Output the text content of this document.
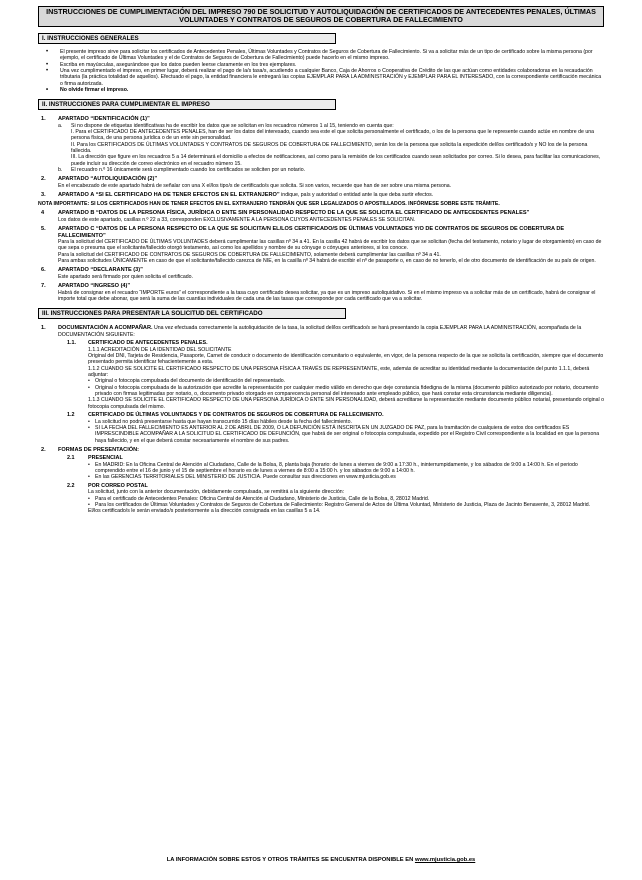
INSTRUCCIONES DE CUMPLIMENTACIÓN DEL IMPRESO 790 DE SOLICITUD Y AUTOLIQUIDACIÓN DE CERTIFICADOS DE ANTECEDENTES PENALES, ÚLTIMAS VOLUNTADES Y CONTRATOS DE SEGUROS DE COBERTURA DE FALLECIMIENTO
I. INSTRUCCIONES GENERALES
• El presente impreso sirve para solicitar los certificados de Antecedentes Penales, Últimas Voluntades y Contratos de Seguros de Cobertura de Fallecimiento. Si va a solicitar más de un tipo de certificado sobre la misma persona (por ejemplo, el certificado de Últimas Voluntades y el de Contratos de Seguros de Cobertura de Fallecimiento) puede hacerlo en el mismo impreso.
• Escriba en mayúsculas, asegurándose que los datos pueden leerse claramente en los tres ejemplares.
• Una vez cumplimentado el impreso, en primer lugar, deberá realizar el pago de la/s tasa/s, acudiendo a cualquier Banco, Caja de Ahorros o Cooperativa de Crédito de las que actúan como entidades colaboradoras en la recaudación tributaria (la práctica totalidad de aquellos). Efectuado el pago, la entidad financiera le entregará las copias EJEMPLAR PARA LA ADMINISTRACIÓN y EJEMPLAR PARA EL INTERESADO, con la correspondiente certificación mecánica o firma autorizada.
• No olvide firmar el impreso.
II. INSTRUCCIONES PARA CUMPLIMENTAR EL IMPRESO
1. APARTADO “IDENTIFICACIÓN (1)”
a. Si no dispone de etiquetas identificativas ha de escribir los datos que se solicitan en los recuadros números 1 al 15, teniendo en cuenta que:
I. Para el CERTIFICADO DE ANTECEDENTES PENALES, han de ser los datos del interesado, cuando sea este el que solicita personalmente el certificado, o los de la persona que le represente cuando actúe en nombre de una persona física, de una persona jurídica o de un ente sin personalidad.
II. Para los CERTIFICADOS DE ÚLTIMAS VOLUNTADES Y CONTRATOS DE SEGUROS DE COBERTURA DE FALLECIMIENTO, serán los de la persona que solicita la expedición del/los certificado/s y NO los de la persona fallecida.
III. La dirección que figure en los recuadros 5 a 14 determinará el domicilio a efectos de notificaciones, así como para la remisión de los certificados cuando sean solicitados por correo. Si lo desea, para facilitar las comunicaciones, puede incluir su dirección de correo electrónico en el recuadro número 15.
b. El recuadro n.º 16 únicamente será cumplimentado cuando los certificados se soliciten por un notario.
2. APARTADO “AUTOLIQUIDACIÓN (2)”
En el encabezado de este apartado habrá de señalar con una X el/los tipo/s de certificado/s que solicita. Si son varios, recuerde que han de ser sobre una misma persona.
3. APARTADO A “SI EL CERTIFICADO HA DE TENER EFECTOS EN EL EXTRANJERO” indique, país y autoridad o entidad ante la que deba surtir efectos.
NOTA IMPORTANTE: SI LOS CERTIFICADOS HAN DE TENER EFECTOS EN EL EXTRANJERO TENDRÁN QUE SER LEGALIZADOS O APOSTILLADOS. INFÓRMESE SOBRE ESTE TRÁMITE.
4 APARTADO B “DATOS DE LA PERSONA FÍSICA, JURÍDICA O ENTE SIN PERSONALIDAD RESPECTO DE LA QUE SE SOLICITA EL CERTIFICADO DE ANTECEDENTES PENALES”
Los datos de este apartado, casillas n.º 22 a 33, corresponden EXCLUSIVAMENTE A LA PERSONA CUYOS ANTECEDENTES PENALES SE SOLICITAN.
5. APARTADO C “DATOS DE LA PERSONA RESPECTO DE LA QUE SE SOLICITA/N EL/LOS CERTIFICADO/S DE ÚLTIMAS VOLUNTADES Y/O DE CONTRATOS DE SEGUROS DE COBERTURA DE FALLECIMIENTO”
Para la solicitud del CERTIFICADO DE ÚLTIMAS VOLUNTADES deberá cumplimentar las casillas nº 34 a 41. En la casilla 42 habrá de escribir los datos que se solicitan (fecha del testamento, notario y lugar de otorgamiento) en caso de que sepa o presuma que el solicitante/fallecido otorgó testamento, así como los apellidos y nombre de su cónyuge o cónyuges anteriores, si los conoce.
Para la solicitud del CERTIFICADO DE CONTRATOS DE SEGUROS DE COBERTURA DE FALLECIMIENTO, solamente deberá cumplimentar las casillas nº 34 a 41.
Para ambas solicitudes ÚNICAMENTE en caso de que el solicitante/fallecido carezca de NIE, en la casilla nº 34 habrá de escribir el nº de pasaporte o, en caso de no tenerlo, el de otro documento de identificación de su país de origen.
6. APARTADO “DECLARANTE (3)”
Este apartado será firmado por quien solicita el certificado.
7. APARTADO “INGRESO (4)”
Habrá de consignar en el recuadro “IMPORTE euros” el correspondiente a la tasa cuyo certificado desea solicitar, ya que es un impreso autoliquidativo. Si en el mismo impreso va a solicitar más de un certificado, habrá de consignar el importe total que debe abonar, que será la suma de las cuantías individuales de cada una de las tasas que corresponde por cada certificado que va a solicitar.
III. INSTRUCCIONES PARA PRESENTAR LA SOLICITUD DEL CERTIFICADO
1. DOCUMENTACIÓN A ACOMPAÑAR. Una vez efectuada correctamente la autoliquidación de la tasa, la solicitud del/los certificado/s se hará presentando la copia EJEMPLAR PARA LA ADMINISTRACIÓN, acompañada de la DOCUMENTACIÓN SIGUIENTE:
1.1. CERTIFICADO DE ANTECEDENTES PENALES.
1.1.1 ACREDITACIÓN DE LA IDENTIDAD DEL SOLICITANTE
Original del DNI, Tarjeta de Residencia, Pasaporte, Carnet de conducir o documento de identificación comunitario o equivalente, en vigor, de la persona respecto de la que se solicita la certificación, siempre que el documento presentado permita identificar fehacientemente a esta.
1.1.2 CUANDO SE SOLICITE EL CERTIFICADO RESPECTO DE UNA PERSONA FÍSICA A TRAVÉS DE REPRESENTANTE, este, además de acreditar su identidad mediante la documentación del punto 1.1.1, deberá adjuntar:
• Original o fotocopia compulsada del documento de identificación del representado.
• Original o fotocopia compulsada de la autorización que acredite la representación por cualquier medio válido en derecho que deje constancia fidedigna de la misma (documento público autorizado por notario, documento privado con firmas legitimadas por notario, o, documento privado otorgado en comparecencia personal del interesado ante empleado público, que hará constar esta circunstancia mediante diligencia).
1.1.3 CUANDO SE SOLICITE EL CERTIFICADO RESPECTO DE UNA PERSONA JURÍDICA O ENTE SIN PERSONALIDAD, deberá acreditarse la representación mediante documento público notarial, presentando original o fotocopia compulsada del mismo.
1.2	CERTIFICADO DE ÚLTIMAS VOLUNTADES Y DE CONTRATOS DE SEGUROS DE COBERTURA DE FALLECIMIENTO.
• La solicitud no podrá presentarse hasta que hayan transcurrido 15 días hábiles desde la fecha del fallecimiento.
• SI LA FECHA DEL FALLECIMIENTO ES ANTERIOR AL 2 DE ABRIL DE 2009, O LA DEFUNCIÓN ESTÁ INSCRITA EN UN JUZGADO DE PAZ, para la tramitación de cualquiera de estos dos certificados ES IMPRESCINDIBLE ACOMPAÑAR A LA SOLICITUD EL CERTIFICADO DE DEFUNCIÓN, que habrá de ser original o fotocopia compulsada, expedido por el Registro Civil correspondiente a la localidad en que la persona haya fallecido, y en el que deberá constar necesariamente el nombre de sus padres.
2. FORMAS DE PRESENTACIÓN:
2.1	PRESENCIAL
• En MADRID: En la Oficina Central de Atención al Ciudadano, Calle de la Bolsa, 8, planta baja (horario: de lunes a viernes de 9:00 a 17:30 h., ininterrumpidamente, y los sábados de 9:00 a 14:00 h. En el periodo comprendido entre el 16 de junio y el 15 de septiembre el horario es de lunes a viernes de 8:00 a 15:00 h. y los sábados de 9:00 a 14:00 h.
• En las GERENCIAS TERRITORIALES DEL MINISTERIO DE JUSTICIA. Puede consultar sus direcciones en www.mjusticia.gob.es
2.2	POR CORREO POSTAL
La solicitud, junto con la anterior documentación, debidamente compulsada, se remitirá a la siguiente dirección:
• Para el certificado de Antecedentes Penales: Oficina Central de Atención al Ciudadano, Ministerio de Justicia, Calle de la Bolsa, 8, 28012 Madrid.
• Para los certificados de Últimas Voluntades y Contratos de Seguros de Cobertura de Fallecimiento: Registro General de Actos de Última Voluntad, Ministerio de Justicia, Plaza de Jacinto Benavente, 3, 28012 Madrid.
El/los certificado/s le serán enviado/s posteriormente a la dirección consignada en las casillas 5 a 14.
LA INFORMACIÓN SOBRE ESTOS Y OTROS TRÁMITES SE ENCUENTRA DISPONIBLE EN www.mjusticia.gob.es
